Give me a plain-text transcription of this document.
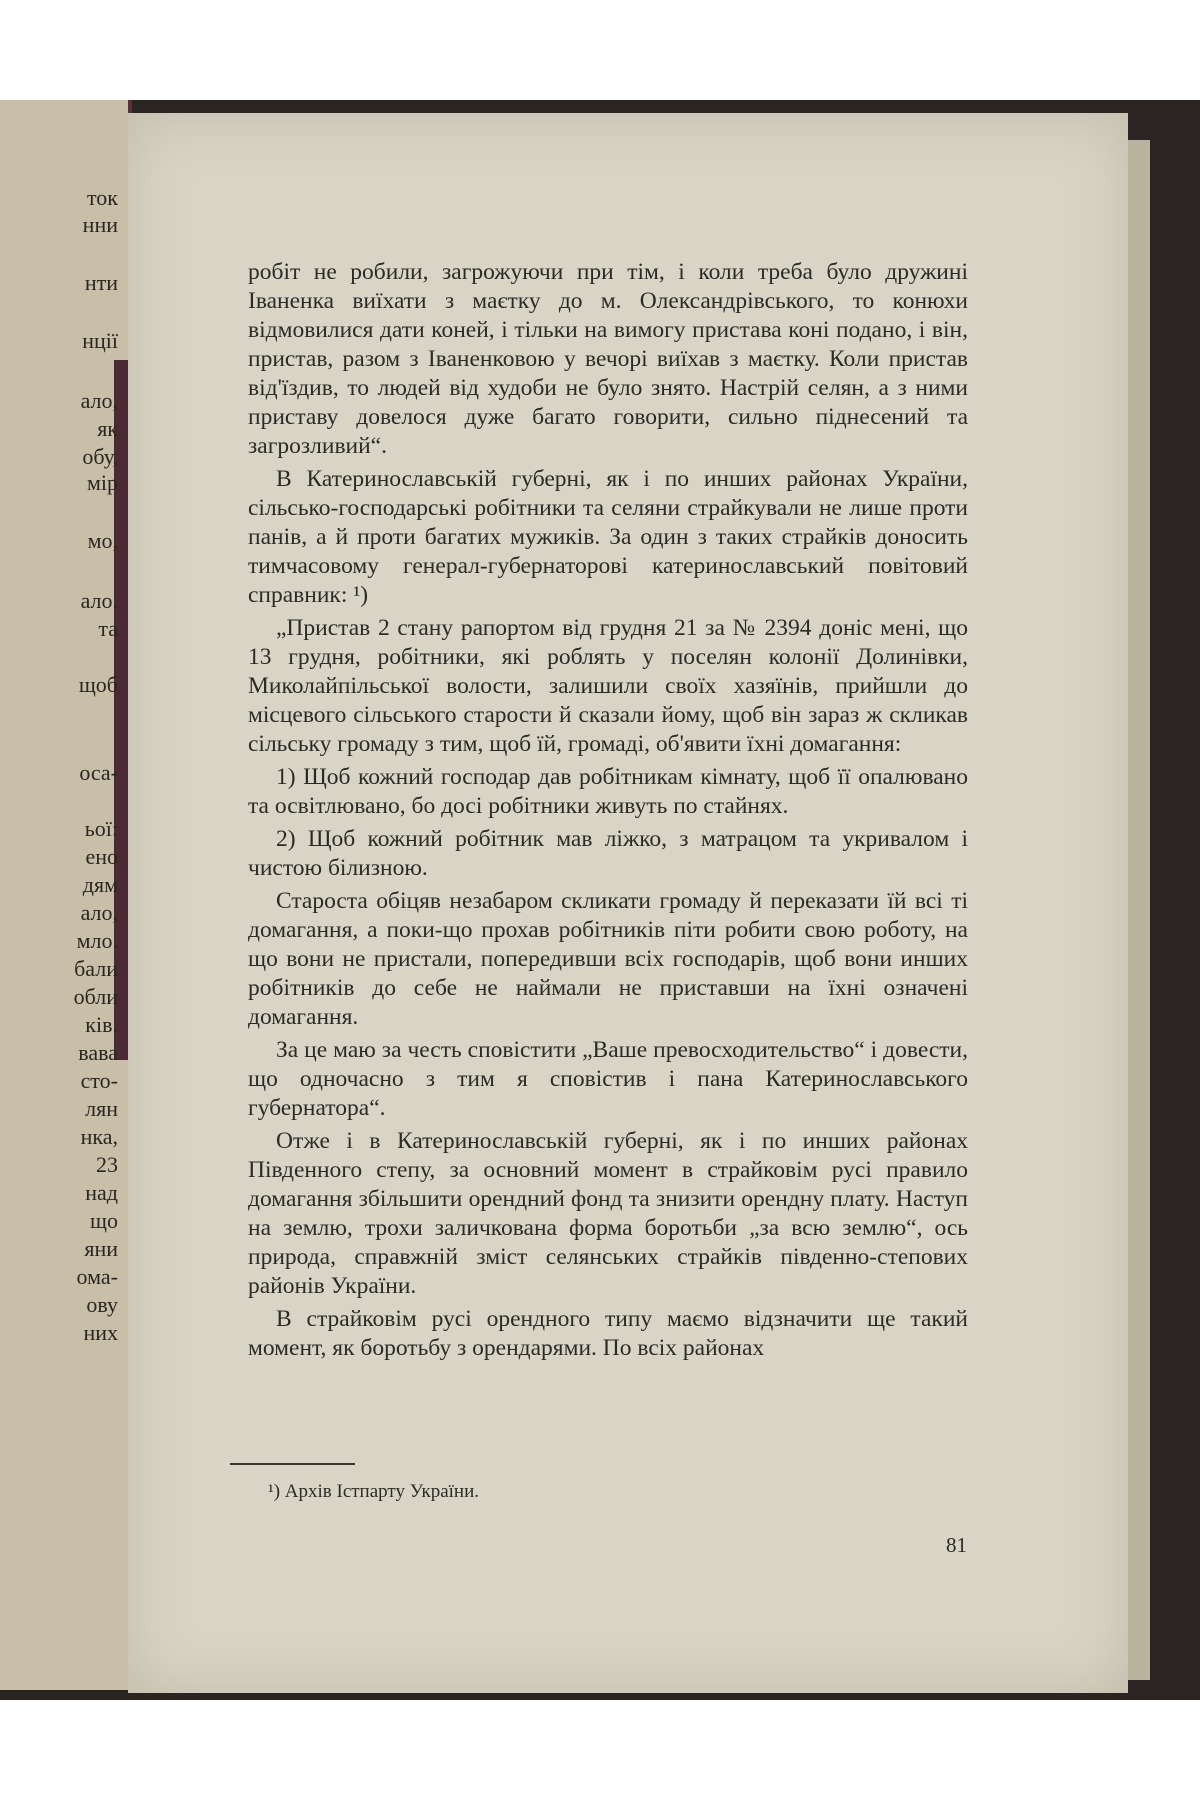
ток
нни
нти
нції
ало,
як
обу,
мір
мо,
ало.
та
щоб
оса-
ьої:
ено
дям
ало,
мло.
бали
обли
ків.
вава
сто-
лян
нка,
23
над
що
яни
ома-
ову
них

робіт не робили, загрожуючи при тім, і коли треба було дружині Іваненка виїхати з маєтку до м. Олександрівського, то конюхи відмовилися дати коней, і тільки на вимогу пристава коні подано, і він, пристав, разом з Іваненковою у вечорі виїхав з маєтку. Коли пристав від'їздив, то людей від худоби не було знято. Настрій селян, а з ними приставу довелося дуже багато говорити, сильно піднесений та загрозливий“.

В Катеринославській губерні, як і по инших районах України, сільсько-господарські робітники та селяни страйкували не лише проти панів, а й проти багатих мужиків. За один з таких страйків доносить тимчасовому генерал-губернаторові катеринославський повітовий справник: ¹)

„Пристав 2 стану рапортом від грудня 21 за № 2394 доніс мені, що 13 грудня, робітники, які роблять у поселян колонії Долинівки, Миколайпільської волости, залишили своїх хазяїнів, прийшли до місцевого сільського старости й сказали йому, щоб він зараз ж скликав сільську громаду з тим, щоб їй, громаді, об'явити їхні домагання:

1) Щоб кожний господар дав робітникам кімнату, щоб її опалювано та освітлювано, бо досі робітники живуть по стайнях.

2) Щоб кожний робітник мав ліжко, з матрацом та укривалом і чистою білизною.

Староста обіцяв незабаром скликати громаду й переказати їй всі ті домагання, а поки-що прохав робітників піти робити свою роботу, на що вони не пристали, попередивши всіх господарів, щоб вони инших робітників до себе не наймали не приставши на їхні означені домагання.

За це маю за честь сповістити „Ваше превосходительство“ і довести, що одночасно з тим я сповістив і пана Катеринославського губернатора“.

Отже і в Катеринославській губерні, як і по инших районах Південного степу, за основний момент в страйковім русі правило домагання збільшити орендний фонд та знизити орендну плату. Наступ на землю, трохи заличкована форма боротьби „за всю землю“, ось природа, справжній зміст селянських страйків південно-степових районів України.

В страйковім русі орендного типу маємо відзначити ще такий момент, як боротьбу з орендарями. По всіх районах

¹) Архів Істпарту України.
81
